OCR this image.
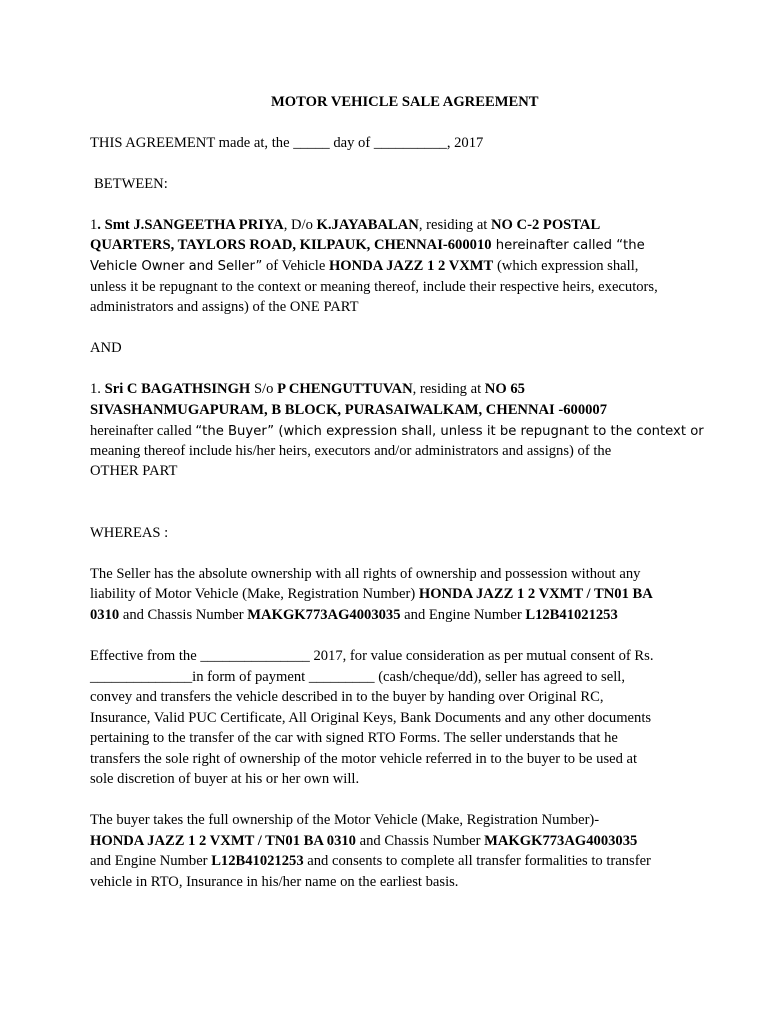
MOTOR VEHICLE SALE AGREEMENT
THIS AGREEMENT made at, the _____ day of __________, 2017
BETWEEN:
1. Smt J.SANGEETHA PRIYA, D/o K.JAYABALAN, residing at NO C-2 POSTAL
QUARTERS, TAYLORS ROAD, KILPAUK, CHENNAI-600010 hereinafter called “the
Vehicle Owner and Seller” of Vehicle HONDA JAZZ 1 2 VXMT (which expression shall,
unless it be repugnant to the context or meaning thereof, include their respective heirs, executors,
administrators and assigns) of the ONE PART
AND
1. Sri C BAGATHSINGH S/o P CHENGUTTUVAN, residing at NO 65
SIVASHANMUGAPURAM, B BLOCK, PURASAIWALKAM, CHENNAI -600007
hereinafter called “the Buyer” (which expression shall, unless it be repugnant to the context or
meaning thereof include his/her heirs, executors and/or administrators and assigns) of the
OTHER PART
WHEREAS :
The Seller has the absolute ownership with all rights of ownership and possession without any
liability of Motor Vehicle (Make, Registration Number) HONDA JAZZ 1 2 VXMT / TN01 BA
0310 and Chassis Number MAKGK773AG4003035 and Engine Number L12B41021253
Effective from the _______________ 2017, for value consideration as per mutual consent of Rs.
______________in form of payment _________ (cash/cheque/dd), seller has agreed to sell,
convey and transfers the vehicle described in to the buyer by handing over Original RC,
Insurance, Valid PUC Certificate, All Original Keys, Bank Documents and any other documents
pertaining to the transfer of the car with signed RTO Forms. The seller understands that he
transfers the sole right of ownership of the motor vehicle referred in to the buyer to be used at
sole discretion of buyer at his or her own will.
The buyer takes the full ownership of the Motor Vehicle (Make, Registration Number)-
HONDA JAZZ 1 2 VXMT / TN01 BA 0310 and Chassis Number MAKGK773AG4003035
and Engine Number L12B41021253 and consents to complete all transfer formalities to transfer
vehicle in RTO, Insurance in his/her name on the earliest basis.
